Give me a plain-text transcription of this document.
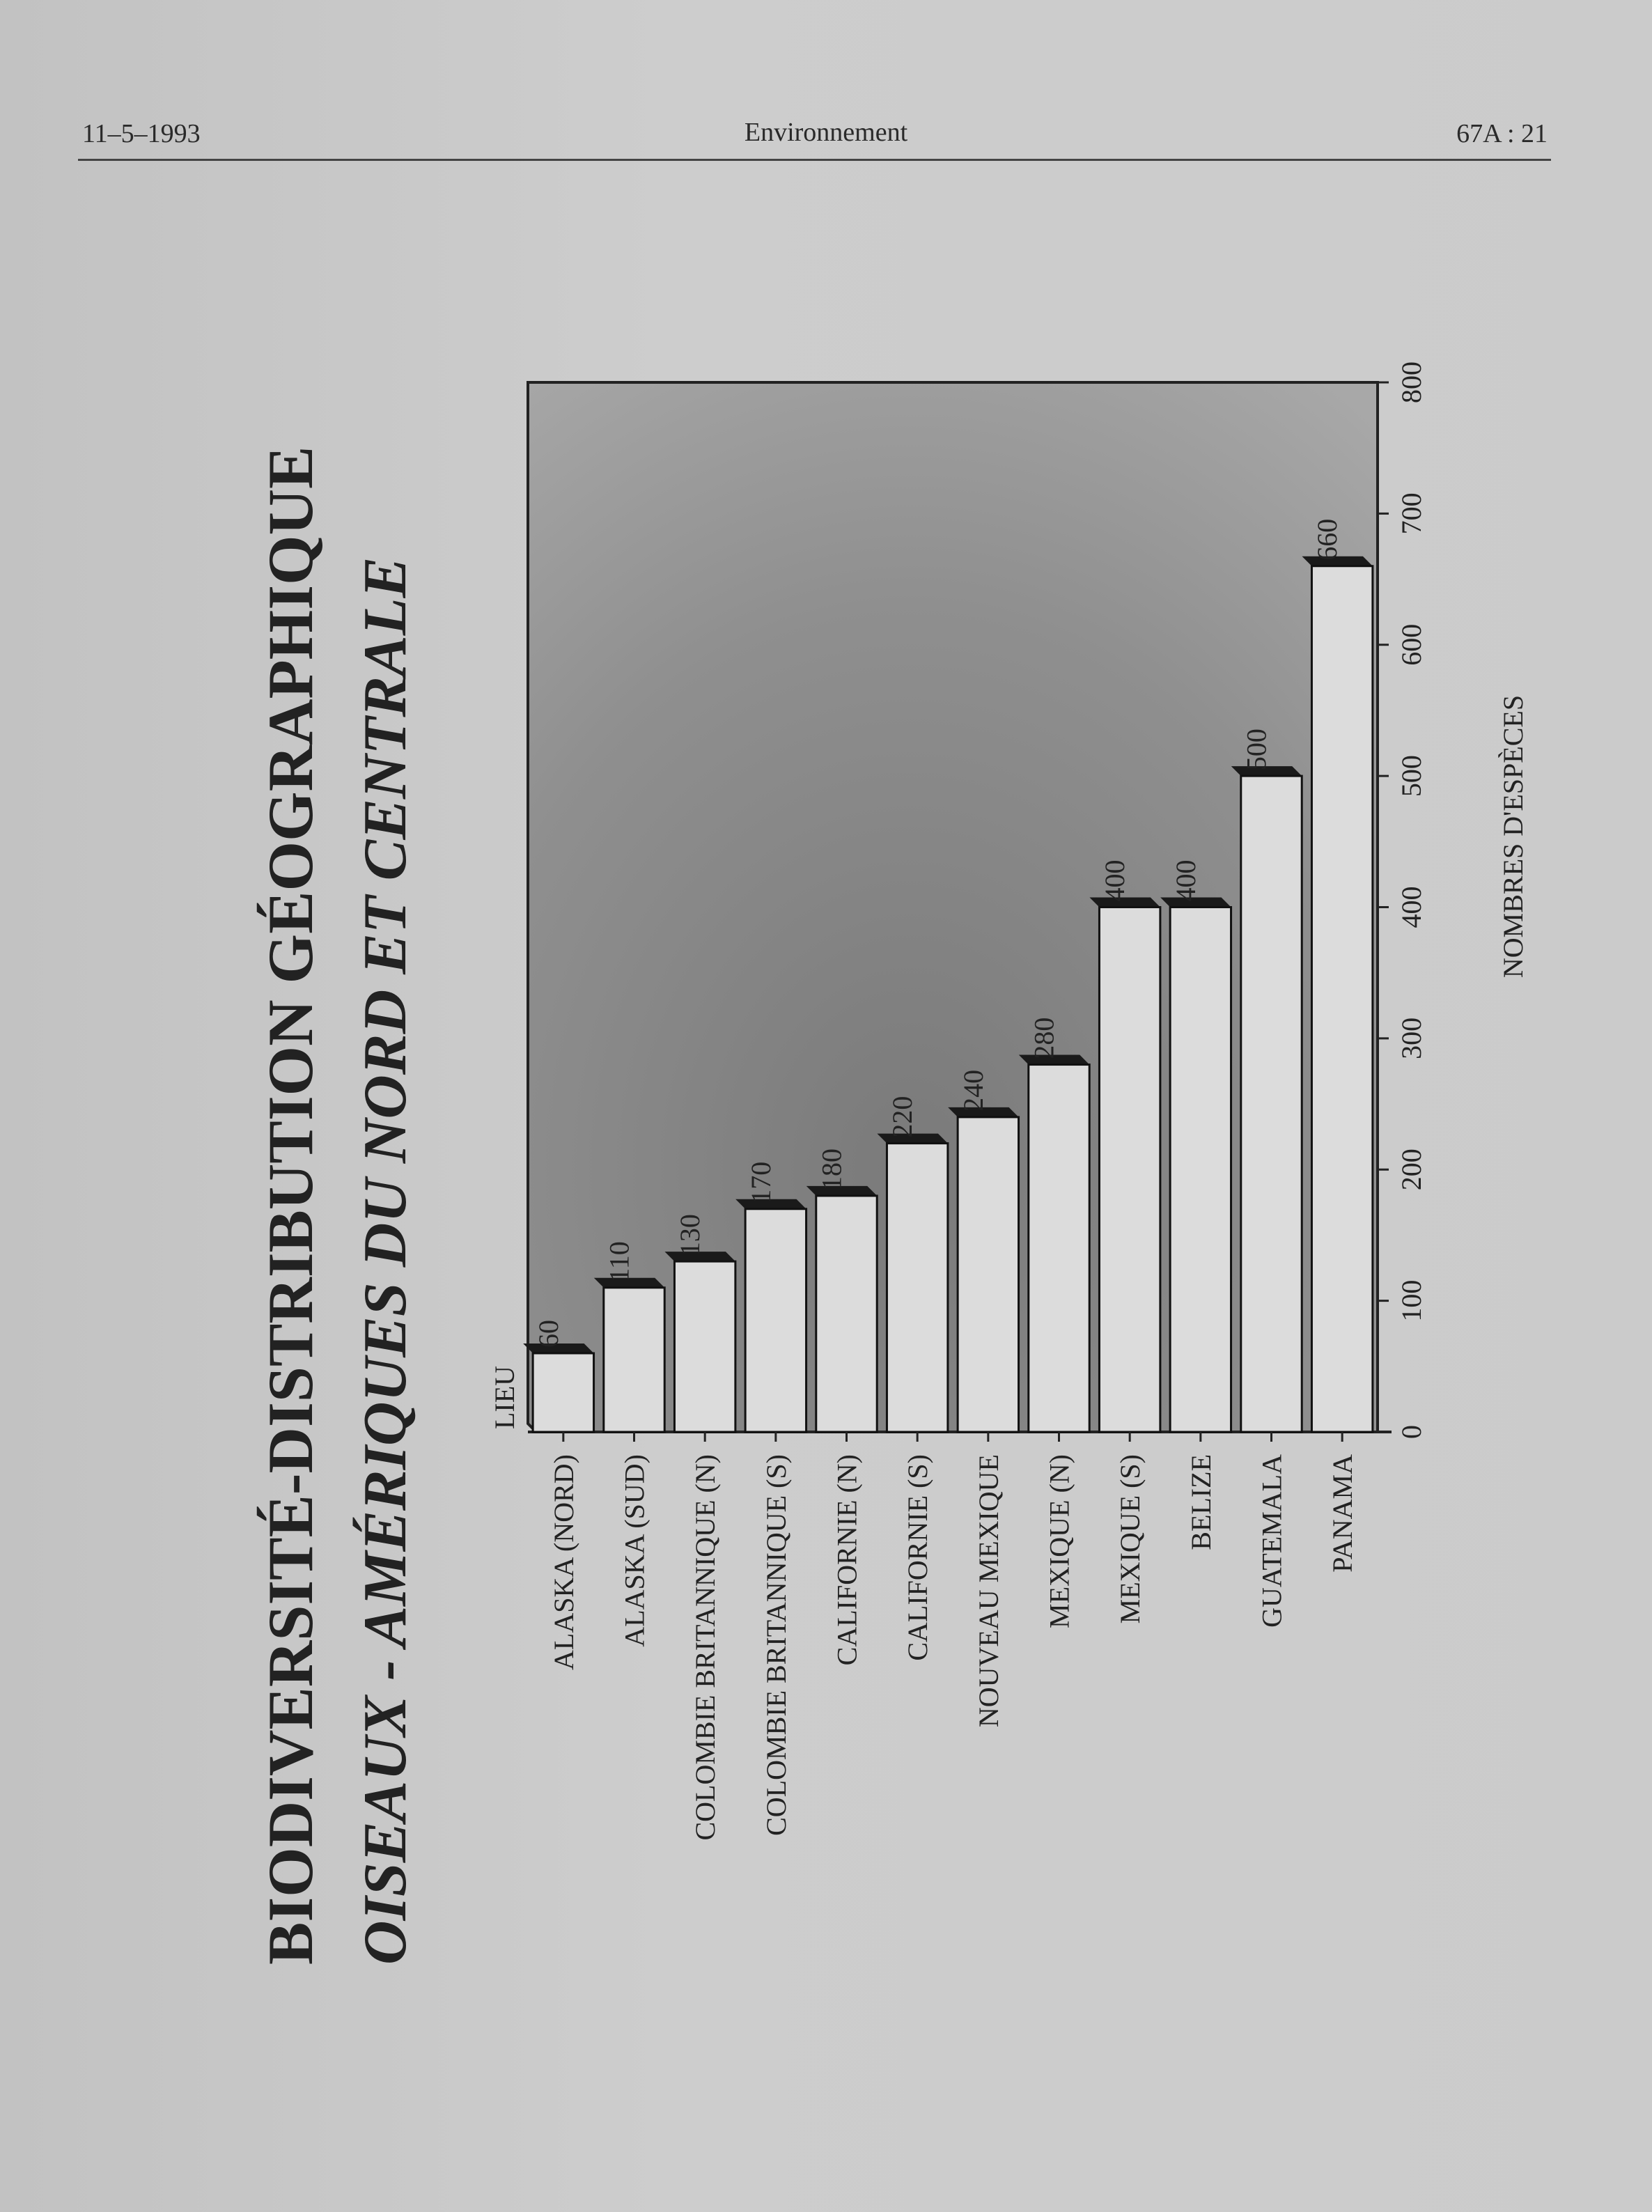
11–5–1993	Environnement	67A : 21
BIODIVERSITÉ-DISTRIBUTION GÉOGRAPHIQUE OISEAUX - AMÉRIQUES DU NORD ET CENTRALE	LIEU
NOMBRES D'ESPÈCES
0
100
200
300
400
500
600
700
800
60
ALASKA (NORD)
110
ALASKA (SUD)
130
COLOMBIE BRITANNIQUE (N)
170
COLOMBIE BRITANNIQUE (S)
180
CALIFORNIE (N)
220
CALIFORNIE (S)
240
NOUVEAU MEXIQUE
280
MEXIQUE (N)
400
MEXIQUE (S)
400
BELIZE
500
GUATEMALA
660
PANAMA
